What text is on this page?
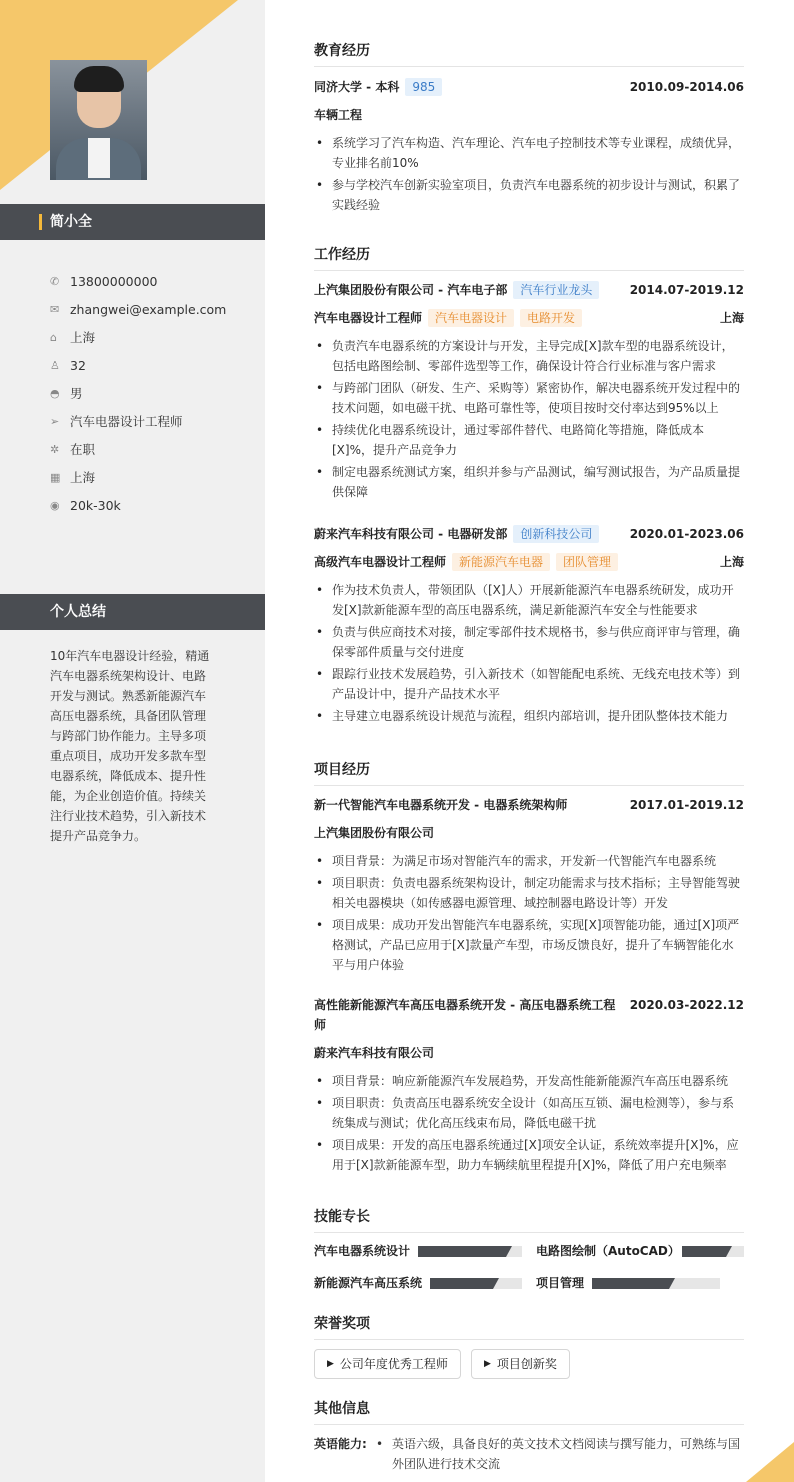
简小全
✆ 13800000000
✉ zhangwei@example.com
⌂	上海
♙ 32
◓ 男
➢ 汽车电器设计工程师
✲ 在职
▦ 上海
◉ 20k-30k
个人总结
10年汽车电器设计经验，精通汽车电器系统架构设计、电路开发与测试。熟悉新能源汽车高压电器系统，具备团队管理与跨部门协作能力。主导多项重点项目，成功开发多款车型电器系统，降低成本、提升性能，为企业创造价值。持续关注行业技术趋势，引入新技术提升产品竞争力。
教育经历
同济大学 - 本科 985	2010.09-2014.06
车辆工程
• 系统学习了汽车构造、汽车理论、汽车电子控制技术等专业课程，成绩优异，专业排名前10%
• 参与学校汽车创新实验室项目，负责汽车电器系统的初步设计与测试，积累了实践经验
工作经历
上汽集团股份有限公司 - 汽车电子部 汽车行业龙头	2014.07-2019.12
汽车电器设计工程师 汽车电器设计 电路开发	上海
• 负责汽车电器系统的方案设计与开发，主导完成[X]款车型的电器系统设计，包括电路图绘制、零部件选型等工作，确保设计符合行业标准与客户需求
• 与跨部门团队（研发、生产、采购等）紧密协作，解决电器系统开发过程中的技术问题，如电磁干扰、电路可靠性等，使项目按时交付率达到95%以上
• 持续优化电器系统设计，通过零部件替代、电路简化等措施，降低成本[X]%，提升产品竞争力
• 制定电器系统测试方案，组织并参与产品测试，编写测试报告，为产品质量提供保障
蔚来汽车科技有限公司 - 电器研发部 创新科技公司	2020.01-2023.06
高级汽车电器设计工程师 新能源汽车电器 团队管理	上海
• 作为技术负责人，带领团队（[X]人）开展新能源汽车电器系统研发，成功开发[X]款新能源车型的高压电器系统，满足新能源汽车安全与性能要求
• 负责与供应商技术对接，制定零部件技术规格书，参与供应商评审与管理，确保零部件质量与交付进度
• 跟踪行业技术发展趋势，引入新技术（如智能配电系统、无线充电技术等）到产品设计中，提升产品技术水平
• 主导建立电器系统设计规范与流程，组织内部培训，提升团队整体技术能力
项目经历
新一代智能汽车电器系统开发 - 电器系统架构师	2017.01-2019.12
上汽集团股份有限公司
• 项目背景：为满足市场对智能汽车的需求，开发新一代智能汽车电器系统
• 项目职责：负责电器系统架构设计，制定功能需求与技术指标；主导智能驾驶相关电器模块（如传感器电源管理、域控制器电路设计等）开发
• 项目成果：成功开发出智能汽车电器系统，实现[X]项智能功能，通过[X]项严格测试，产品已应用于[X]款量产车型，市场反馈良好，提升了车辆智能化水平与用户体验
高性能新能源汽车高压电器系统开发 - 高压电器系统工程师
2020.03-2022.12
蔚来汽车科技有限公司
• 项目背景：响应新能源汽车发展趋势，开发高性能新能源汽车高压电器系统
• 项目职责：负责高压电器系统安全设计（如高压互锁、漏电检测等），参与系统集成与测试；优化高压线束布局，降低电磁干扰
• 项目成果：开发的高压电器系统通过[X]项安全认证，系统效率提升[X]%，应用于[X]款新能源车型，助力车辆续航里程提升[X]%，降低了用户充电频率
技能专长
汽车电器系统设计	电路图绘制（AutoCAD）
新能源汽车高压系统	项目管理
荣誉奖项
▶ 公司年度优秀工程师	▶ 项目创新奖
其他信息
英语能力:
•	英语六级，具备良好的英文技术文档阅读与撰写能力，可熟练与国外团队进行技术交流
